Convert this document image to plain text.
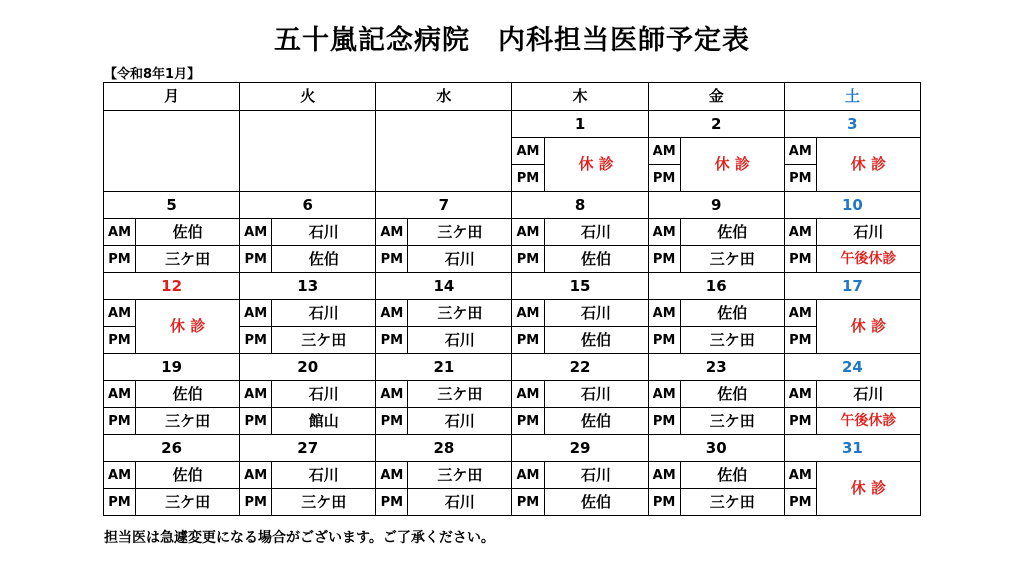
五十嵐記念病院　内科担当医師予定表
【令和8年1月】
月		火		水		木		金		土	
						1		2		3	
						AM	休 診	AM	休 診	AM	休 診
						PM		PM		PM	
5		6		7		8		9		10	
AM	佐伯	AM	石川	AM	三ケ田	AM	石川	AM	佐伯	AM	石川
PM	三ケ田	PM	佐伯	PM	石川	PM	佐伯	PM	三ケ田	PM	午後休診
12		13		14		15		16		17	
AM	休 診	AM	石川	AM	三ケ田	AM	石川	AM	佐伯	AM	休 診
PM		PM	三ケ田	PM	石川	PM	佐伯	PM	三ケ田	PM	
19		20		21		22		23		24	
AM	佐伯	AM	石川	AM	三ケ田	AM	石川	AM	佐伯	AM	石川
PM	三ケ田	PM	館山	PM	石川	PM	佐伯	PM	三ケ田	PM	午後休診
26		27		28		29		30		31	
AM	佐伯	AM	石川	AM	三ケ田	AM	石川	AM	佐伯	AM	休 診
PM	三ケ田	PM	三ケ田	PM	石川	PM	佐伯	PM	三ケ田	PM	
担当医は急遽変更になる場合がございます。ご了承ください。
